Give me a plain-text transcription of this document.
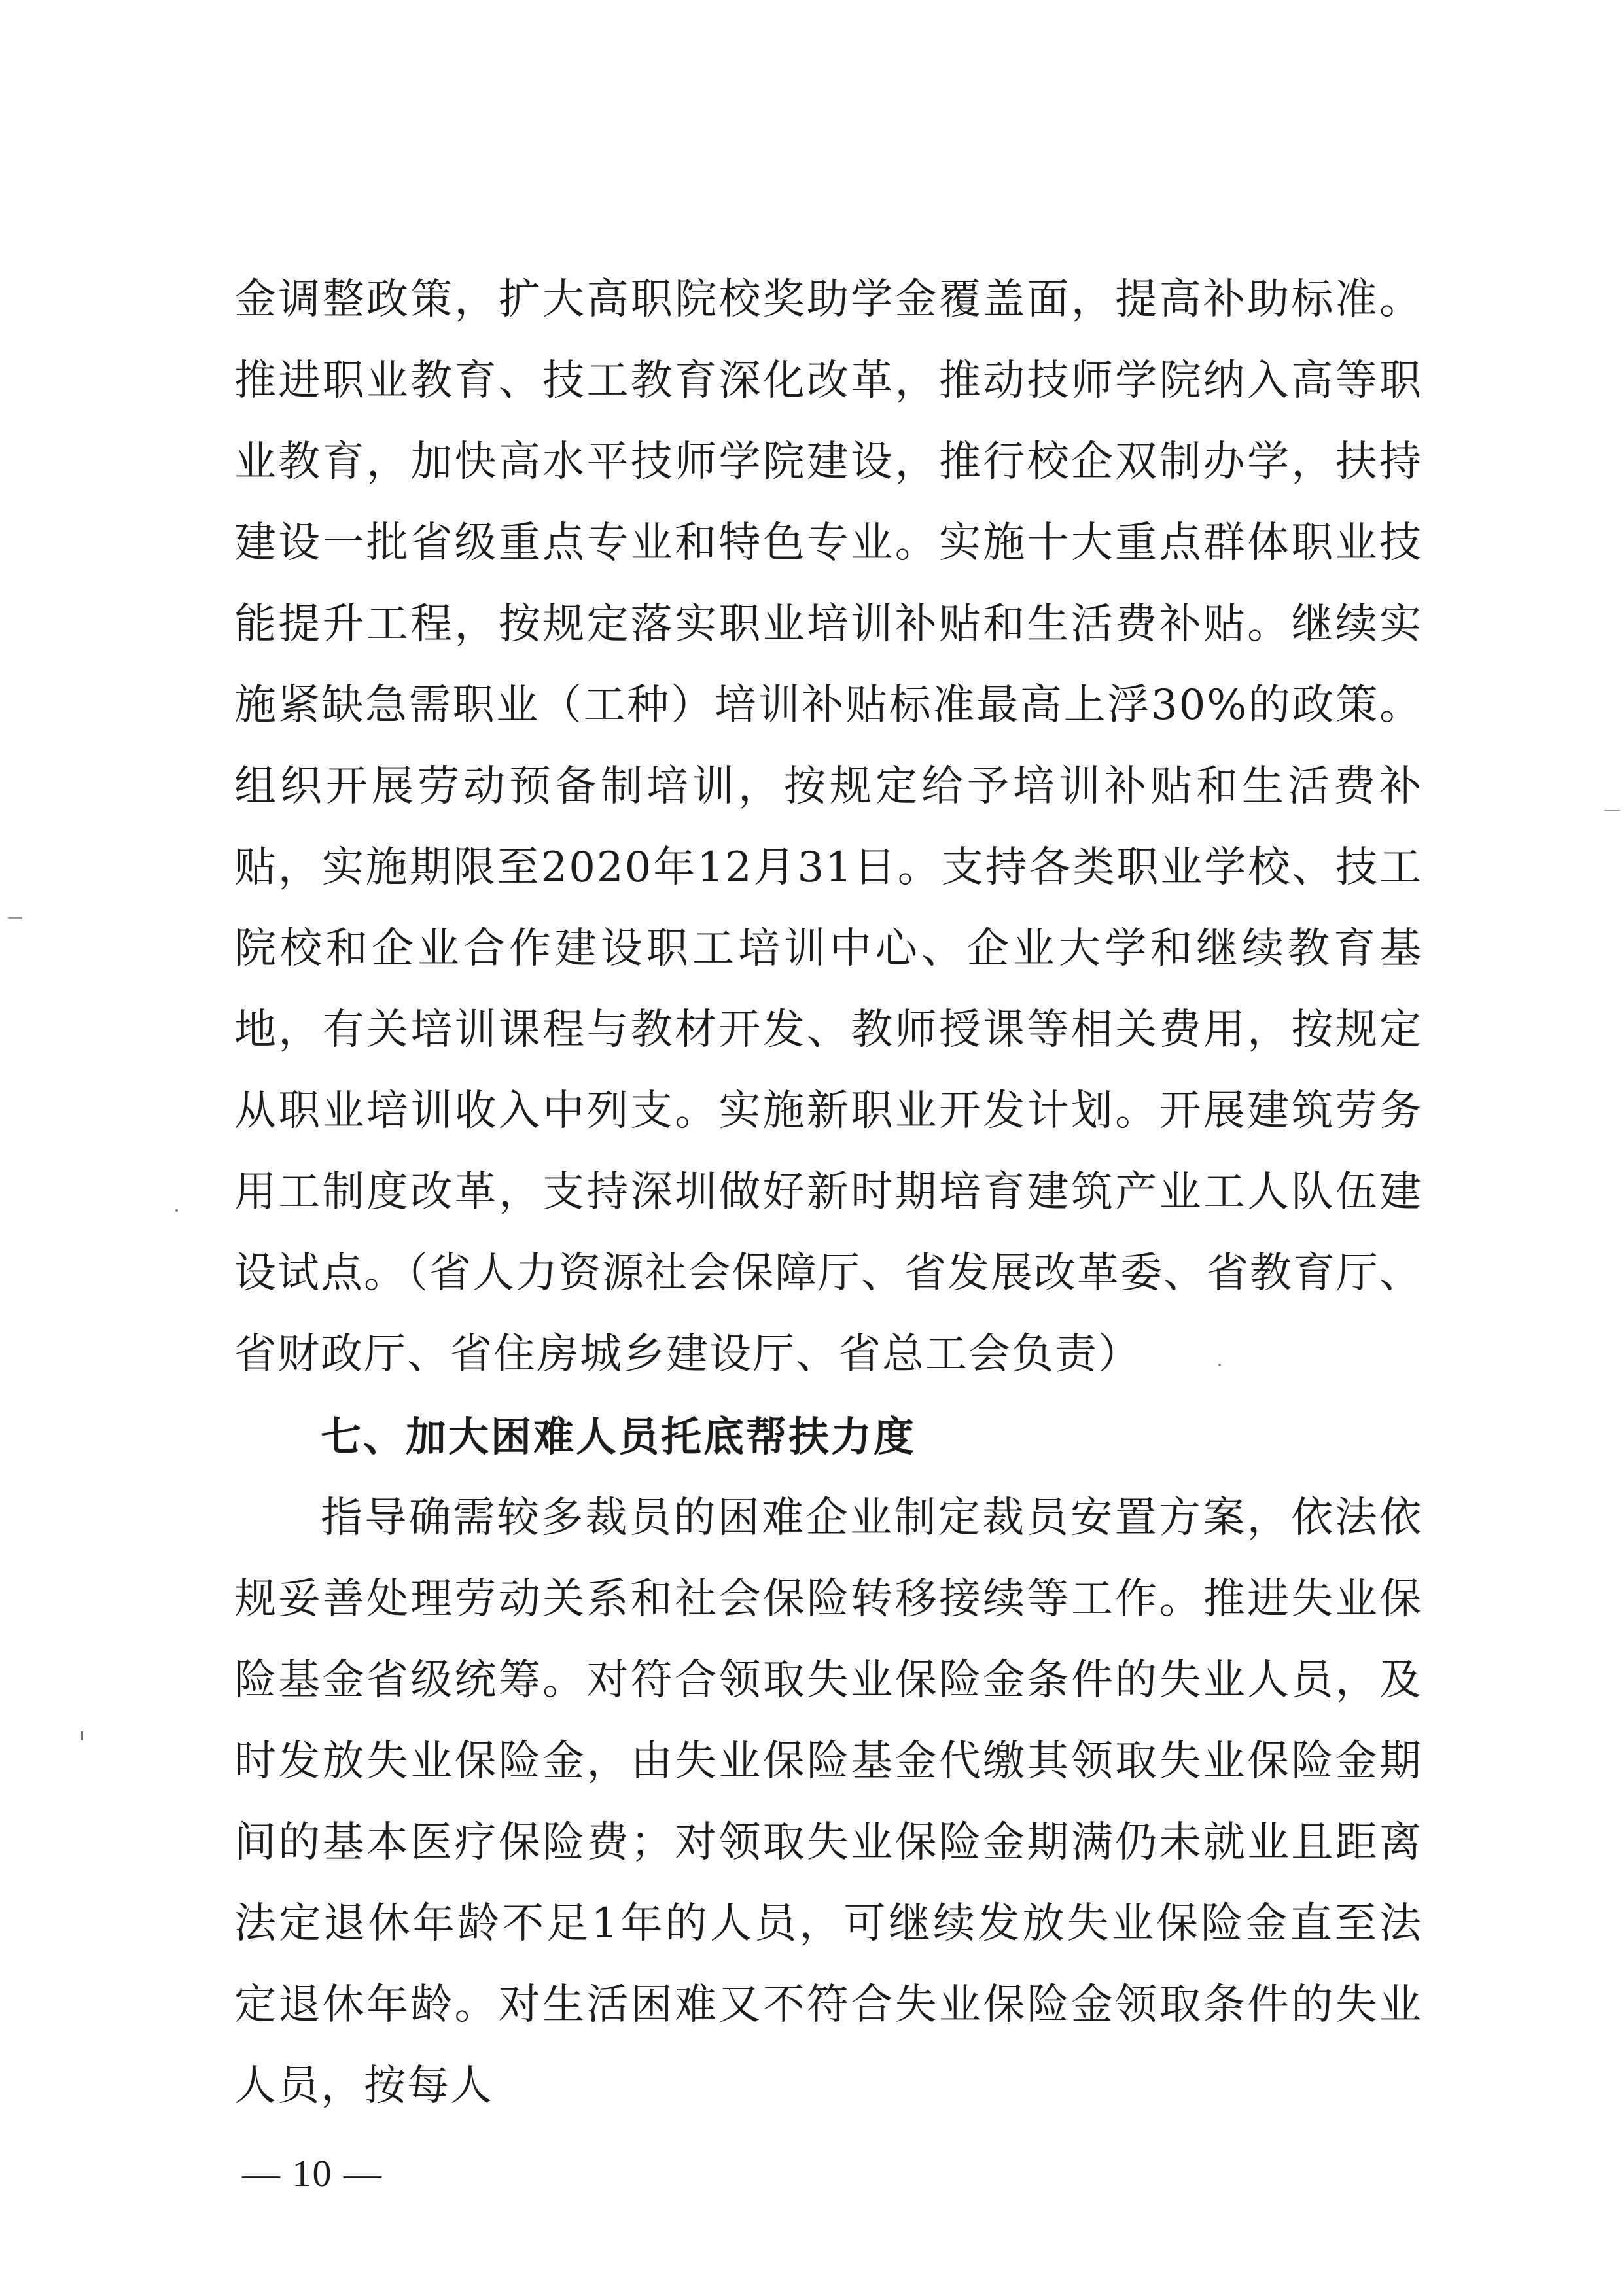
金调整政策，扩大高职院校奖助学金覆盖面，提高补助标准。推进职业教育、技工教育深化改革，推动技师学院纳入高等职业教育，加快高水平技师学院建设，推行校企双制办学，扶持建设一批省级重点专业和特色专业。实施十大重点群体职业技能提升工程，按规定落实职业培训补贴和生活费补贴。继续实施紧缺急需职业（工种）培训补贴标准最高上浮30%的政策。组织开展劳动预备制培训，按规定给予培训补贴和生活费补贴，实施期限至2020年12月31日。支持各类职业学校、技工院校和企业合作建设职工培训中心、企业大学和继续教育基地，有关培训课程与教材开发、教师授课等相关费用，按规定从职业培训收入中列支。实施新职业开发计划。开展建筑劳务用工制度改革，支持深圳做好新时期培育建筑产业工人队伍建设试点。（省人力资源社会保障厅、省发展改革委、省教育厅、省财政厅、省住房城乡建设厅、省总工会负责）

七、加大困难人员托底帮扶力度

指导确需较多裁员的困难企业制定裁员安置方案，依法依规妥善处理劳动关系和社会保险转移接续等工作。推进失业保险基金省级统筹。对符合领取失业保险金条件的失业人员，及时发放失业保险金，由失业保险基金代缴其领取失业保险金期间的基本医疗保险费；对领取失业保险金期满仍未就业且距离法定退休年龄不足1年的人员，可继续发放失业保险金直至法定退休年龄。对生活困难又不符合失业保险金领取条件的失业人员，按每人

— 10 —
